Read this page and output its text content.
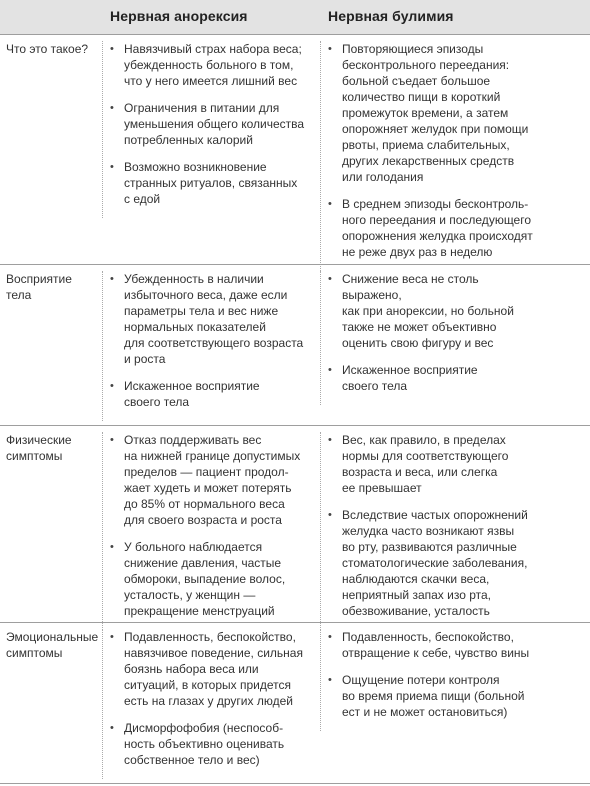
Нервная анорексия	Нервная булимия
Что это такое?	• Навязчивый страх набора веса;
убежденность больного в том,
что у него имеется лишний вес
• Ограничения в питании для
уменьшения общего количества
потребленных калорий
• Возможно возникновение
странных ритуалов, связанных
с едой
• Повторяющиеся эпизоды
бесконтрольного переедания:
больной съедает большое
количество пищи в короткий
промежуток времени, а затем
опорожняет желудок при помощи
рвоты, приема слабительных,
других лекарственных средств
или голодания
• В среднем эпизоды бесконтроль-
ного переедания и последующего
опорожнения желудка происходят
не реже двух раз в неделю
Восприятие
тела
• Убежденность в наличии
избыточного веса, даже если
параметры тела и вес ниже
нормальных показателей
для соответствующего возраста
и роста
• Искаженное восприятие
своего тела
• Снижение веса не столь выражено,
как при анорексии, но больной
также не может объективно
оценить свою фигуру и вес
• Искаженное восприятие
своего тела
Физические
симптомы
• Отказ поддерживать вес
на нижней границе допустимых
пределов — пациент продол-
жает худеть и может потерять
до 85% от нормального веса
для своего возраста и роста
• У больного наблюдается
снижение давления, частые
обмороки, выпадение волос,
усталость, у женщин —
прекращение менструаций
• Вес, как правило, в пределах
нормы для соответствующего
возраста и веса, или слегка
ее превышает
• Вследствие частых опорожнений
желудка часто возникают язвы
во рту, развиваются различные
стоматологические заболевания,
наблюдаются скачки веса,
неприятный запах изо рта,
обезвоживание, усталость
Эмоциональные
симптомы
• Подавленность, беспокойство,
навязчивое поведение, сильная
боязнь набора веса или
ситуаций, в которых придется
есть на глазах у других людей
• Дисморфофобия (неспособ-
ность объективно оценивать
собственное тело и вес)
• Подавленность, беспокойство,
отвращение к себе, чувство вины
• Ощущение потери контроля
во время приема пищи (больной
ест и не может остановиться)
